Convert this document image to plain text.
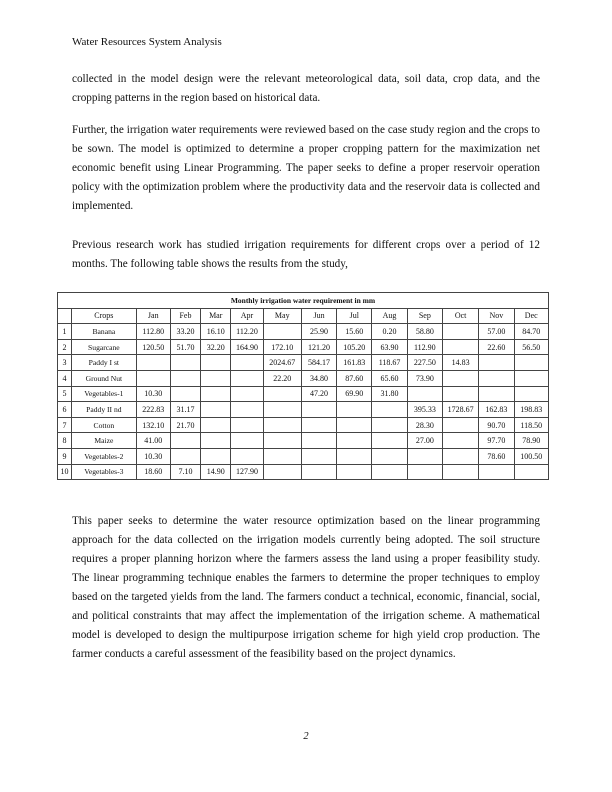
Water Resources System Analysis

collected in the model design were the relevant meteorological data, soil data, crop data, and the cropping patterns in the region based on historical data.

Further, the irrigation water requirements were reviewed based on the case study region and the crops to be sown. The model is optimized to determine a proper cropping pattern for the maximization net economic benefit using Linear Programming. The paper seeks to define a proper reservoir operation policy with the optimization problem where the productivity data and the reservoir data is collected and implemented.

Previous research work has studied irrigation requirements for different crops over a period of 12 months. The following table shows the results from the study,

Monthly irrigation water requirement in mm													
	Crops	Jan	Feb	Mar	Apr	May	Jun	Jul	Aug	Sep	Oct	Nov	Dec
1	Banana	112.80	33.20	16.10	112.20		25.90	15.60	0.20	58.80		57.00	84.70
2	Sugarcane	120.50	51.70	32.20	164.90	172.10	121.20	105.20	63.90	112.90		22.60	56.50
3	Paddy I st					2024.67	584.17	161.83	118.67	227.50	14.83		
4	Ground Nut					22.20	34.80	87.60	65.60	73.90			
5	Vegetables-1	10.30					47.20	69.90	31.80				
6	Paddy II nd	222.83	31.17							395.33	1728.67	162.83	198.83
7	Cotton	132.10	21.70							28.30		90.70	118.50
8	Maize	41.00								27.00		97.70	78.90
9	Vegetables-2	10.30										78.60	100.50
10	Vegetables-3	18.60	7.10	14.90	127.90								

This paper seeks to determine the water resource optimization based on the linear programming approach for the data collected on the irrigation models currently being adopted. The soil structure requires a proper planning horizon where the farmers assess the land using a proper feasibility study. The linear programming technique enables the farmers to determine the proper techniques to employ based on the targeted yields from the land. The farmers conduct a technical, economic, financial, social, and political constraints that may affect the implementation of the irrigation scheme. A mathematical model is developed to design the multipurpose irrigation scheme for high yield crop production. The farmer conducts a careful assessment of the feasibility based on the project dynamics.

2
